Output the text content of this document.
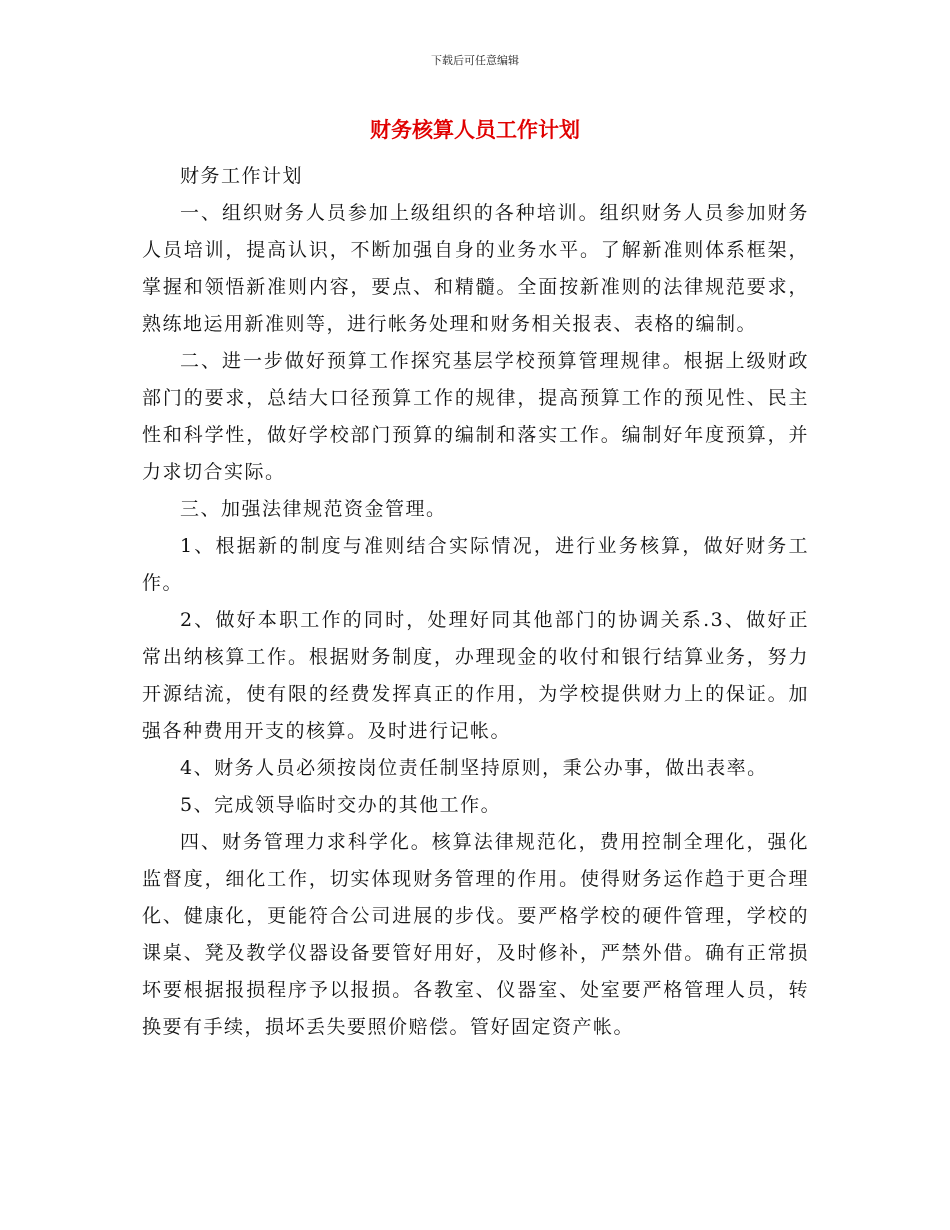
下载后可任意编辑
财务核算人员工作计划

财务工作计划

一、组织财务人员参加上级组织的各种培训。组织财务人员参加财务人员培训，提高认识，不断加强自身的业务水平。了解新准则体系框架，掌握和领悟新准则内容，要点、和精髓。全面按新准则的法律规范要求，熟练地运用新准则等，进行帐务处理和财务相关报表、表格的编制。

二、进一步做好预算工作探究基层学校预算管理规律。根据上级财政部门的要求，总结大口径预算工作的规律，提高预算工作的预见性、民主性和科学性，做好学校部门预算的编制和落实工作。编制好年度预算，并力求切合实际。

三、加强法律规范资金管理。

1、根据新的制度与准则结合实际情况，进行业务核算，做好财务工作。

2、做好本职工作的同时，处理好同其他部门的协调关系.3、做好正常出纳核算工作。根据财务制度，办理现金的收付和银行结算业务，努力开源结流，使有限的经费发挥真正的作用，为学校提供财力上的保证。加强各种费用开支的核算。及时进行记帐。

4、财务人员必须按岗位责任制坚持原则，秉公办事，做出表率。

5、完成领导临时交办的其他工作。

四、财务管理力求科学化。核算法律规范化，费用控制全理化，强化监督度，细化工作，切实体现财务管理的作用。使得财务运作趋于更合理化、健康化，更能符合公司进展的步伐。要严格学校的硬件管理，学校的课桌、凳及教学仪器设备要管好用好，及时修补，严禁外借。确有正常损坏要根据报损程序予以报损。各教室、仪器室、处室要严格管理人员，转换要有手续，损坏丢失要照价赔偿。管好固定资产帐。
